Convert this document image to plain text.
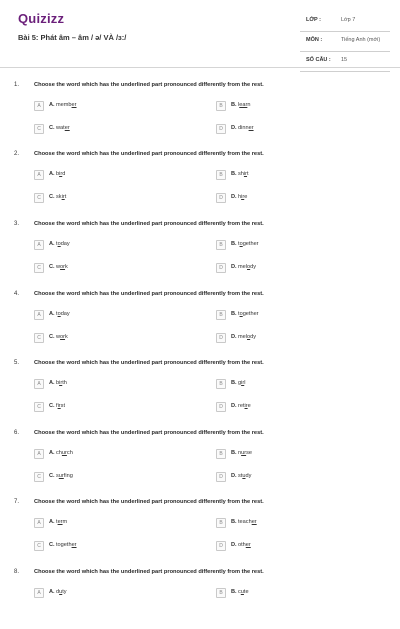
Quizizz
Bài 5: Phát âm – âm / ə/ VÀ /ɜ:/
LỚP :	Lớp 7
MÔN :	Tiếng Anh (mới)
SỐ CÂU : 15
1.	Choose the word which has the underlined part pronounced differently from the rest.
A	A. member	B	B. learn
C	C. water	D	D. dinner
2.	Choose the word which has the underlined part pronounced differently from the rest.
A	A. bird	B	B. shirt
C	C. skirt	D	D. hire
3.	Choose the word which has the underlined part pronounced differently from the rest.
A	A. today	B	B. together
C	C. work	D	D. melody
4.	Choose the word which has the underlined part pronounced differently from the rest.
A	A. today	B	B. together
C	C. work	D	D. melody
5.	Choose the word which has the underlined part pronounced differently from the rest.
A	A. birth	B	B. girl
C	C. first	D	D. retire
6.	Choose the word which has the underlined part pronounced differently from the rest.
A	A. church	B	B. nurse
C	C. surfing	D	D. study
7.	Choose the word which has the underlined part pronounced differently from the rest.
A	A. term	B	B. teacher
C	C. together	D	D. other
8.	Choose the word which has the underlined part pronounced differently from the rest.
A	A. duty	B	B. cute
